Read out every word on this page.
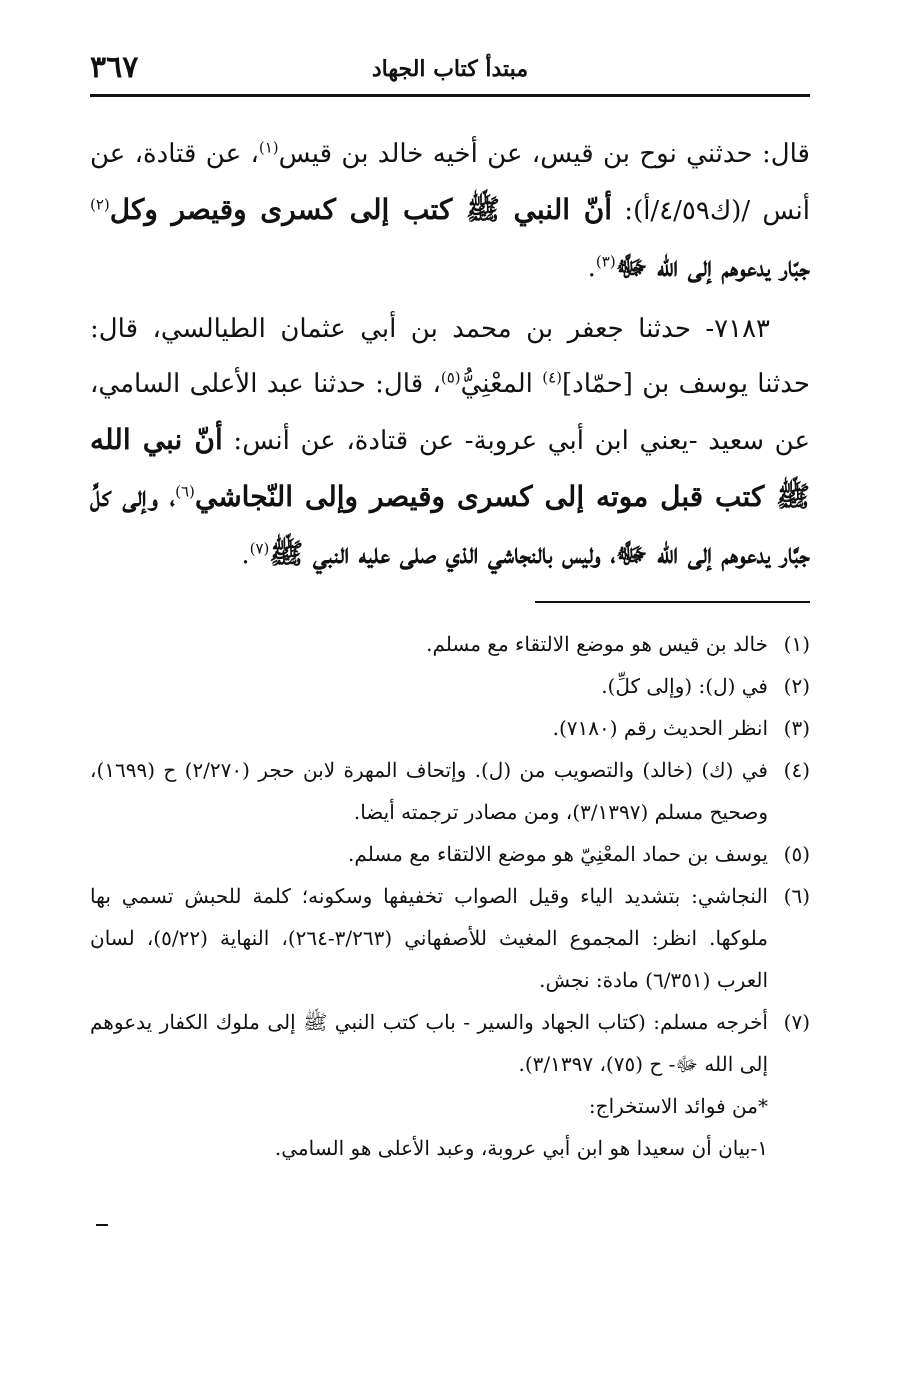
مبتدأ كتاب الجهاد
٣٦٧

قال: حدثني نوح بن قيس، عن أخيه خالد بن قيس$^{(١)}$، عن قتادة، عن أنس /(ك٤/٥٩/أ): أنّ النبي ﷺ كتب إلى كسرى وقيصر وكل$^{(٢)}$ جبّار يدعوهم إلى الله ﷻ$^{(٣)}$.

٧١٨٣- حدثنا جعفر بن محمد بن أبي عثمان الطيالسي، قال: حدثنا يوسف بن [حمّاد]$^{(٤)}$ المعْنِيُّ$^{(٥)}$، قال: حدثنا عبد الأعلى السامي، عن سعيد -يعني ابن أبي عروبة- عن قتادة، عن أنس: أنّ نبي الله ﷺ كتب قبل موته إلى كسرى وقيصر وإلى النّجاشي$^{(٦)}$، وإلى كلِّ جبَّار يدعوهم إلى الله ﷻ، وليس بالنجاشي الذي صلى عليه النبي ﷺ$^{(٧)}$.

(١)
خالد بن قيس هو موضع الالتقاء مع مسلم.

(٢)
في (ل): (وإلى كلِّ).

(٣)
انظر الحديث رقم (٧١٨٠).

(٤)
في (ك) (خالد) والتصويب من (ل). وإتحاف المهرة لابن حجر (٢/٢٧٠) ح (١٦٩٩)، وصحيح مسلم (٣/١٣٩٧)، ومن مصادر ترجمته أيضا.

(٥)
يوسف بن حماد المعْنِيّ هو موضع الالتقاء مع مسلم.

(٦)
النجاشي: بتشديد الياء وقيل الصواب تخفيفها وسكونه؛ كلمة للحبش تسمي بها ملوكها. انظر: المجموع المغيث للأصفهاني (٣/٢٦٣-٢٦٤)، النهاية (٥/٢٢)، لسان العرب (٦/٣٥١) مادة: نجش.

(٧)
أخرجه مسلم: (كتاب الجهاد والسير - باب كتب النبي ﷺ إلى ملوك الكفار يدعوهم إلى الله ﷻ- ح (٧٥)، ٣/١٣٩٧).

*من فوائد الاستخراج:

١-بيان أن سعيدا هو ابن أبي عروبة، وعبد الأعلى هو السامي.
